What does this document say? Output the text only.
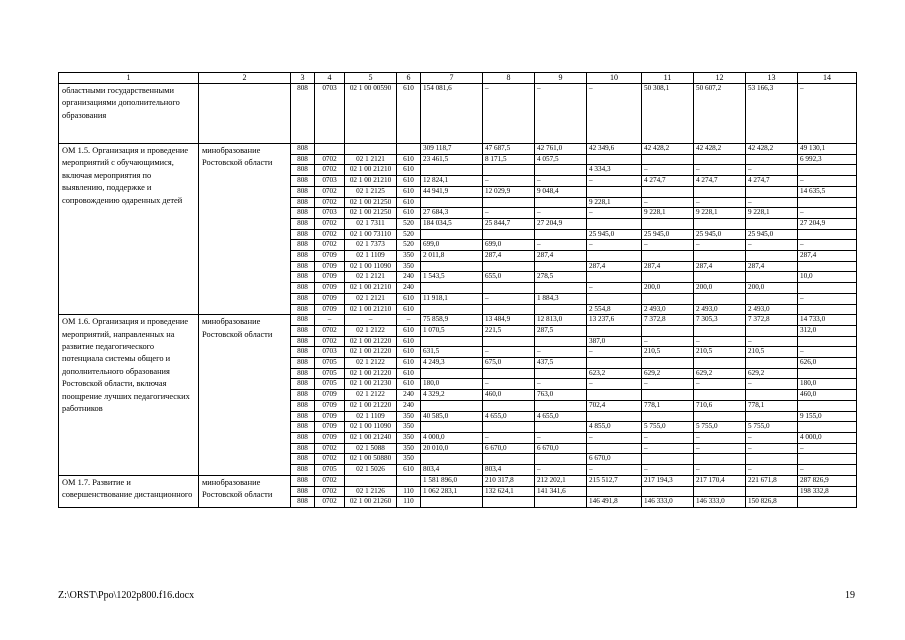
1	2	3	4	5	6	7	8	9	10	11	12	13	14
областными государственными организациями дополнительного образования		808	0703	02 1 00 00590	610	154 081,6	–	–	–	50 308,1	50 607,2	53 166,3	–
ОМ 1.5. Организация и проведение мероприятий с обучающимися, включая мероприятия по выявлению, поддержке и сопровождению одаренных детей	минобразование Ростовской области	808				309 118,7	47 687,5	42 761,0	42 349,6	42 428,2	42 428,2	42 428,2	49 130,1
		808	0702	02 1 2121	610	23 461,5	8 171,5	4 057,5					6 992,3
		808	0702	02 1 00 21210	610				4 334,3	–	–	–	
		808	0703	02 1 00 21210	610	12 824,1	–	–	–	4 274,7	4 274,7	4 274,7	–
		808	0702	02 1 2125	610	44 941,9	12 029,9	9 048,4					14 635,5
		808	0702	02 1 00 21250	610				9 228,1	–	–	–	
		808	0703	02 1 00 21250	610	27 684,3	–	–	–	9 228,1	9 228,1	9 228,1	–
		808	0702	02 1 7311	520	184 034,5	25 844,7	27 204,9					27 204,9
		808	0702	02 1 00 73110	520				25 945,0	25 945,0	25 945,0	25 945,0	
		808	0702	02 1 7373	520	699,0	699,0	–	–	–	–	–	–
		808	0709	02 1 1109	350	2 011,8	287,4	287,4					287,4
		808	0709	02 1 00 11090	350				287,4	287,4	287,4	287,4	
		808	0709	02 1 2121	240	1 543,5	655,0	278,5					10,0
		808	0709	02 1 00 21210	240				–	200,0	200,0	200,0	
		808	0709	02 1 2121	610	11 918,1	–	1 884,3					–
		808	0709	02 1 00 21210	610				2 554,8	2 493,0	2 493,0	2 493,0	
ОМ 1.6. Организация и проведение мероприятий, направленных на развитие педагогического потенциала системы общего и дополнительного образования Ростовской области, включая поощрение лучших педагогических работников	минобразование Ростовской области	808	–	–	–	75 858,9	13 484,9	12 813,0	13 237,6	7 372,8	7 305,3	7 372,8	14 733,0
		808	0702	02 1 2122	610	1 070,5	221,5	287,5					312,0
		808	0702	02 1 00 21220	610				387,0	–	–	–	
		808	0703	02 1 00 21220	610	631,5	–	–	–	210,5	210,5	210,5	–
		808	0705	02 1 2122	610	4 249,3	675,0	437,5					626,0
		808	0705	02 1 00 21220	610				623,2	629,2	629,2	629,2	
		808	0705	02 1 00 21230	610	180,0	–	–	–	–	–	–	180,0
		808	0709	02 1 2122	240	4 329,2	460,0	763,0					460,0
		808	0709	02 1 00 21220	240				702,4	778,1	710,6	778,1	
		808	0709	02 1 1109	350	40 585,0	4 655,0	4 655,0					9 155,0
		808	0709	02 1 00 11090	350				4 855,0	5 755,0	5 755,0	5 755,0	
		808	0709	02 1 00 21240	350	4 000,0	–	–	–	–	–	–	4 000,0
		808	0702	02 1 5088	350	20 010,0	6 670,0	6 670,0		–	–	–	–
		808	0702	02 1 00 50880	350				6 670,0				
		808	0705	02 1 5026	610	803,4	803,4	–	–	–	–	–	–
ОМ 1.7. Развитие и совершенствование дистанционного	минобразование Ростовской области	808	0702			1 581 896,0	210 317,8	212 202,1	215 512,7	217 194,3	217 170,4	221 671,8	287 826,9
		808	0702	02 1 2126	110	1 062 283,1	132 624,1	141 341,6					198 332,8
		808	0702	02 1 00 21260	110				146 491,8	146 333,0	146 333,0	150 826,8	
Z:\ORST\Ppo\1202p800.f16.docx	19
